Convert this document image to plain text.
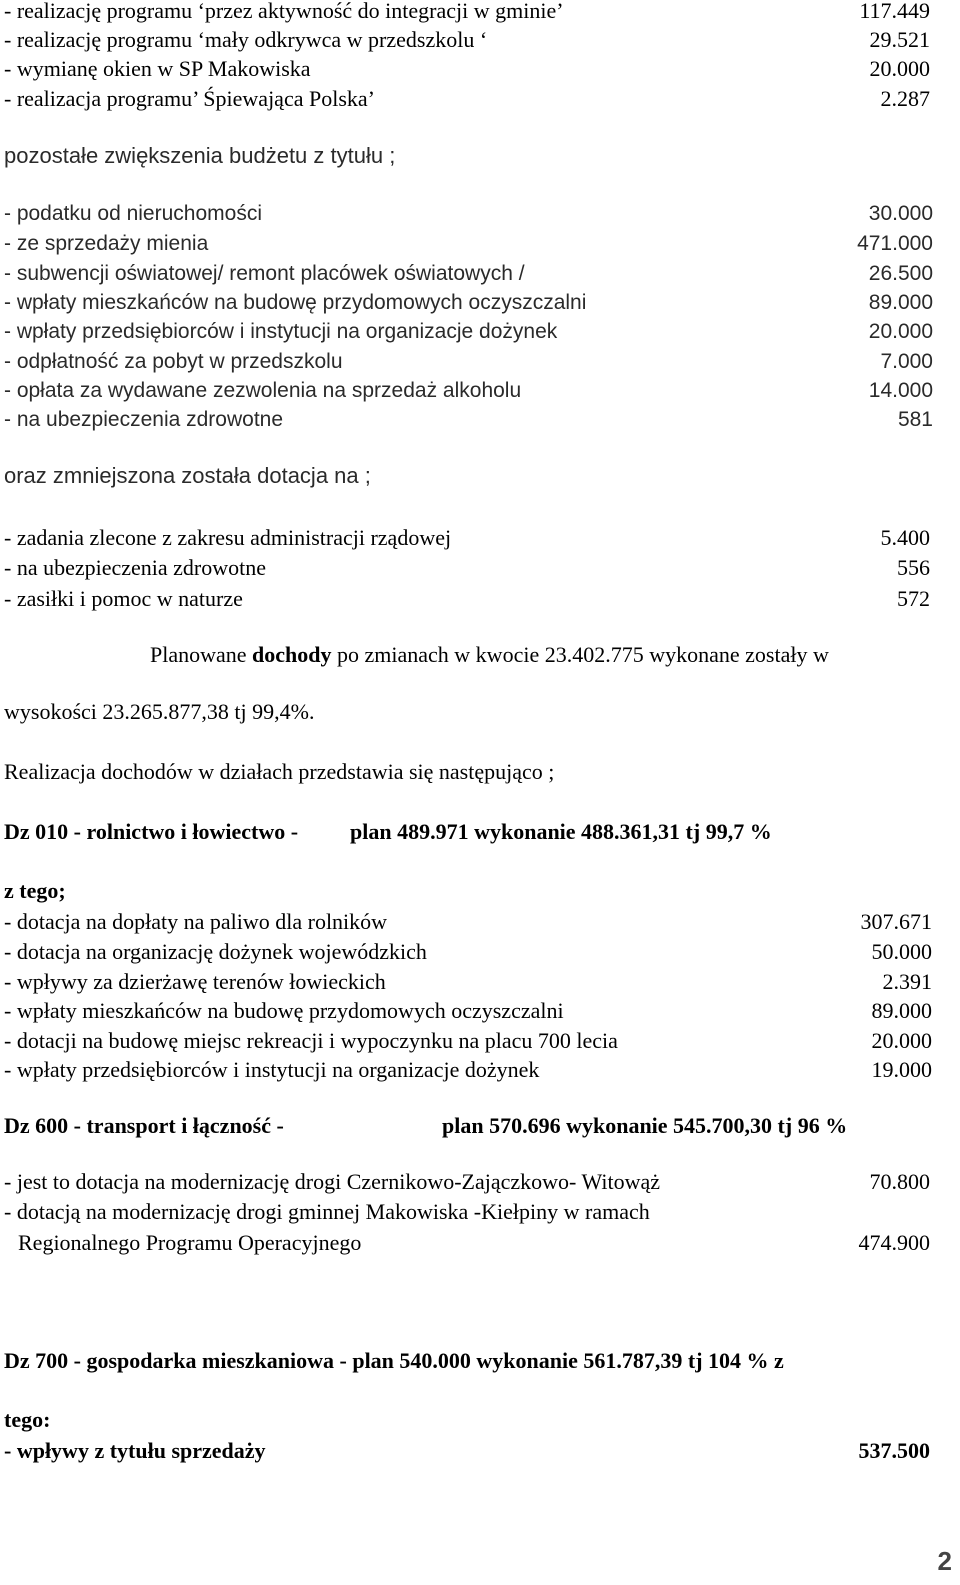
- realizację programu ‘przez aktywność do integracji w gminie’	117.449
- realizację programu ‘mały odkrywca w przedszkolu ‘	29.521
- wymianę okien w SP Makowiska	20.000
- realizacja programu’ Śpiewająca Polska’	2.287
pozostałe zwiększenia budżetu z tytułu ;
- podatku od nieruchomości	30.000
- ze sprzedaży mienia	471.000
- subwencji oświatowej/ remont placówek oświatowych /	26.500
- wpłaty mieszkańców na budowę przydomowych oczyszczalni	89.000
- wpłaty przedsiębiorców i instytucji na organizacje dożynek	20.000
- odpłatność za pobyt w przedszkolu	7.000
- opłata za wydawane zezwolenia na sprzedaż alkoholu	14.000
- na ubezpieczenia zdrowotne	581
oraz zmniejszona została dotacja na ;
- zadania zlecone z zakresu administracji rządowej	5.400
- na ubezpieczenia zdrowotne	556
- zasiłki i pomoc w naturze	572
Planowane dochody po zmianach w kwocie 23.402.775 wykonane zostały w
wysokości 23.265.877,38 tj 99,4%.
Realizacja dochodów w działach przedstawia się następująco ;
Dz 010 - rolnictwo i łowiectwo - plan 489.971 wykonanie 488.361,31 tj 99,7 %
z tego;
- dotacja na dopłaty na paliwo dla rolników	307.671
- dotacja na organizację dożynek wojewódzkich	50.000
- wpływy za dzierżawę terenów łowieckich	2.391
- wpłaty mieszkańców na budowę przydomowych oczyszczalni	89.000
- dotacji na budowę miejsc rekreacji i wypoczynku na placu 700 lecia	20.000
- wpłaty przedsiębiorców i instytucji na organizacje dożynek	19.000
Dz 600 - transport i łączność -	plan 570.696 wykonanie 545.700,30 tj 96 %
- jest to dotacja na modernizację drogi Czernikowo-Zajączkowo- Witowąż	70.800
- dotacją na modernizację drogi gminnej Makowiska -Kiełpiny w ramach
Regionalnego Programu Operacyjnego	474.900
Dz 700 - gospodarka mieszkaniowa - plan 540.000 wykonanie 561.787,39 tj 104 % z
tego:
- wpływy z tytułu sprzedaży	537.500
2
